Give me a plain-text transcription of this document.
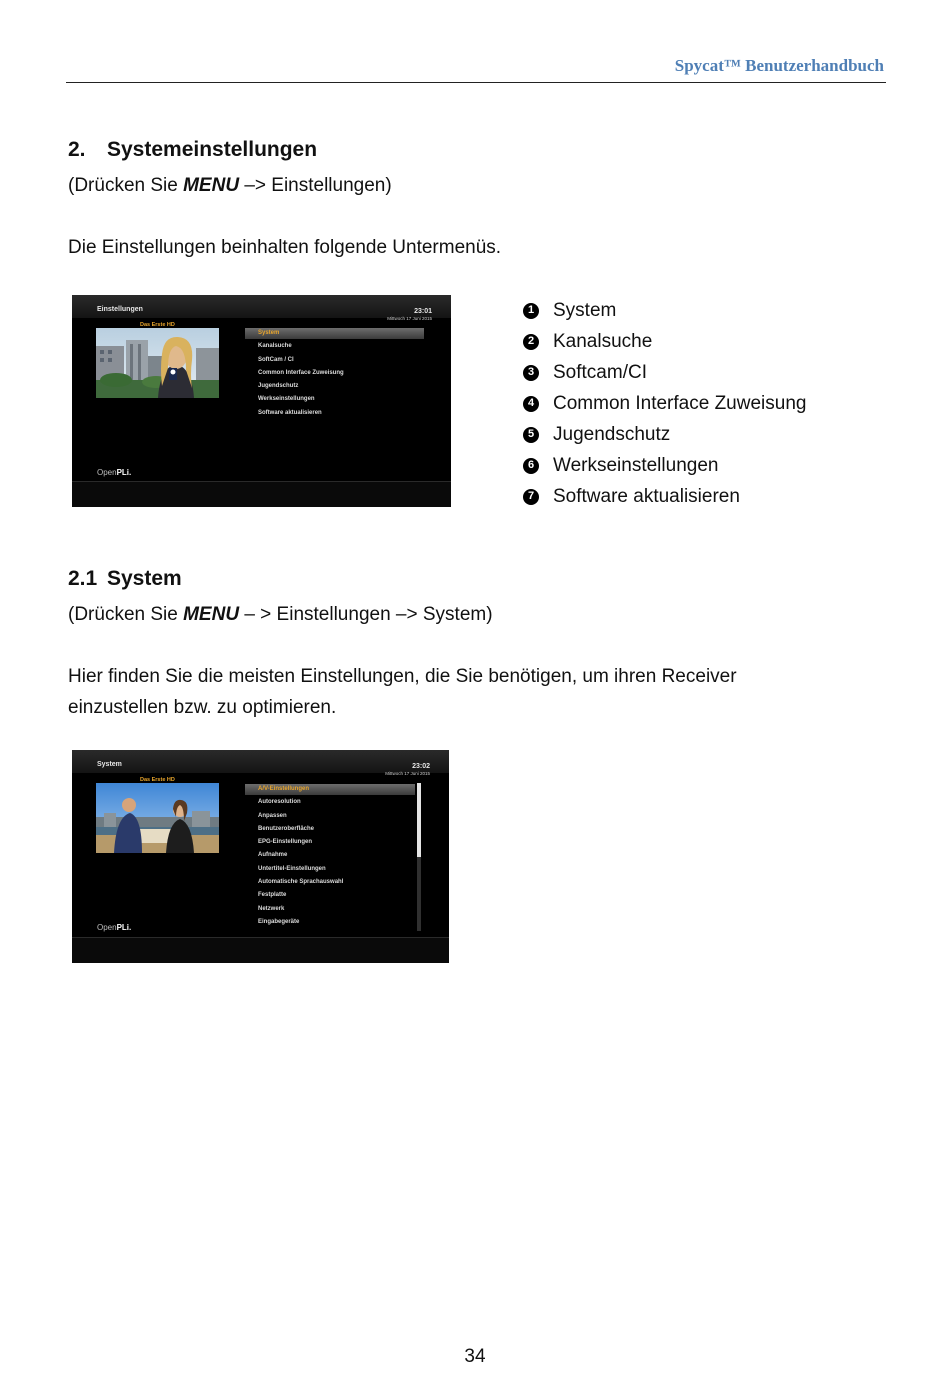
Spycat™ Benutzerhandbuch
2. Systemeinstellungen
(Drücken Sie MENU –> Einstellungen)
Die Einstellungen beinhalten folgende Untermenüs.
Einstellungen	23:01
Mittwoch 17 Juni 2015
Das Erste HD
System
Kanalsuche
SoftCam / CI
Common Interface Zuweisung
Jugendschutz
Werkseinstellungen
Software aktualisieren
OpenPLi.
1 System
2 Kanalsuche
3 Softcam/CI
4 Common Interface Zuweisung
5 Jugendschutz
6 Werkseinstellungen
7 Software aktualisieren
2.1 System
(Drücken Sie MENU – > Einstellungen –> System)
Hier finden Sie die meisten Einstellungen, die Sie benötigen, um ihren Receiver
einzustellen bzw. zu optimieren.
System	23:02
Mittwoch 17 Juni 2015
Das Erste HD
A/V-Einstellungen
Autoresolution
Anpassen
Benutzeroberfläche
EPG-Einstellungen
Aufnahme
Untertitel-Einstellungen
Automatische Sprachauswahl
Festplatte
Netzwerk
Eingabegeräte
OpenPLi.
34
